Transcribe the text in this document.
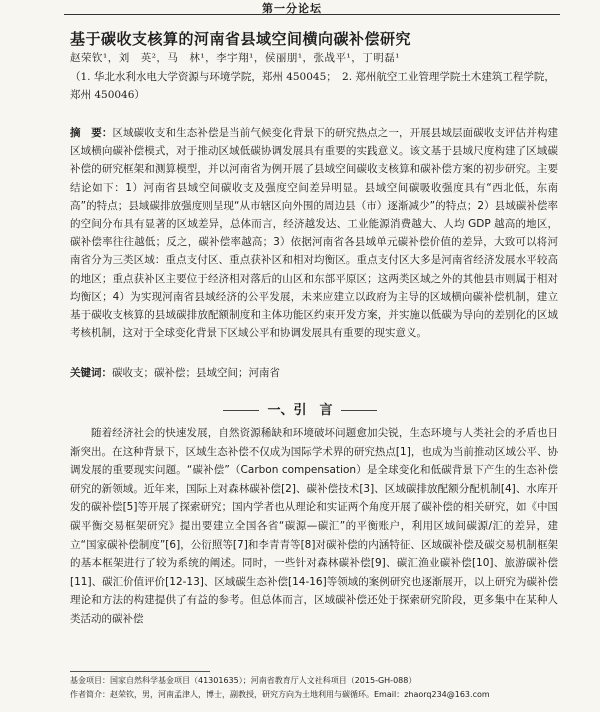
第一分论坛
基于碳收支核算的河南省县域空间横向碳补偿研究
赵荣钦¹，刘　英²，马　林¹，李宇翔¹，侯丽朋¹，张战平¹，丁明磊¹
（1. 华北水利水电大学资源与环境学院，郑州 450045；　2. 郑州航空工业管理学院土木建筑工程学院，郑州 450046）
摘　要：区域碳收支和生态补偿是当前气候变化背景下的研究热点之一，开展县域层面碳收支评估并构建区域横向碳补偿模式，对于推动区域低碳协调发展具有重要的实践意义。该文基于县域尺度构建了区域碳补偿的研究框架和测算模型，并以河南省为例开展了县域空间碳收支核算和碳补偿方案的初步研究。主要结论如下：1）河南省县域空间碳收支及强度空间差异明显。县域空间碳吸收强度具有“西北低，东南高”的特点；县域碳排放强度则呈现“从市辖区向外围的周边县（市）逐渐减少”的特点；2）县域碳补偿率的空间分布具有显著的区域差异，总体而言，经济越发达、工业能源消费越大、人均 GDP 越高的地区，碳补偿率往往越低；反之，碳补偿率越高；3）依据河南省各县域单元碳补偿价值的差异，大致可以将河南省分为三类区域：重点支付区、重点获补区和相对均衡区。重点支付区大多是河南省经济发展水平较高的地区；重点获补区主要位于经济相对落后的山区和东部平原区；这两类区域之外的其他县市则属于相对均衡区；4）为实现河南省县域经济的公平发展，未来应建立以政府为主导的区域横向碳补偿机制，建立基于碳收支核算的县域碳排放配额制度和主体功能区约束开发方案，并实施以低碳为导向的差别化的区域考核机制，这对于全球变化背景下区域公平和协调发展具有重要的现实意义。
关键词：碳收支；碳补偿；县域空间；河南省
一、引　言
随着经济社会的快速发展，自然资源稀缺和环境破坏问题愈加尖锐，生态环境与人类社会的矛盾也日渐突出。在这种背景下，区域生态补偿不仅成为国际学术界的研究热点[1]，也成为当前推动区域公平、协调发展的重要现实问题。“碳补偿”（Carbon compensation）是全球变化和低碳背景下产生的生态补偿研究的新领域。近年来，国际上对森林碳补偿[2]、碳补偿技术[3]、区域碳排放配额分配机制[4]、水库开发的碳补偿[5]等开展了探索研究；国内学者也从理论和实证两个角度开展了碳补偿的相关研究，如《中国碳平衡交易框架研究》提出要建立全国各省“碳源—碳汇”的平衡账户，利用区域间碳源/汇的差异，建立“国家碳补偿制度”[6]，公衍照等[7]和李青青等[8]对碳补偿的内涵特征、区域碳补偿及碳交易机制框架的基本框架进行了较为系统的阐述。同时，一些针对森林碳补偿[9]、碳汇渔业碳补偿[10]、旅游碳补偿[11]、碳汇价值评价[12-13]、区域碳生态补偿[14-16]等领域的案例研究也逐渐展开，以上研究为碳补偿理论和方法的构建提供了有益的参考。但总体而言，区域碳补偿还处于探索研究阶段，更多集中在某种人类活动的碳补偿
基金项目：国家自然科学基金项目（41301635）；河南省教育厅人文社科项目（2015-GH-088）
作者简介：赵荣钦，男，河南孟津人，博士，副教授，研究方向为土地利用与碳循环。Email：zhaorq234@163.com
